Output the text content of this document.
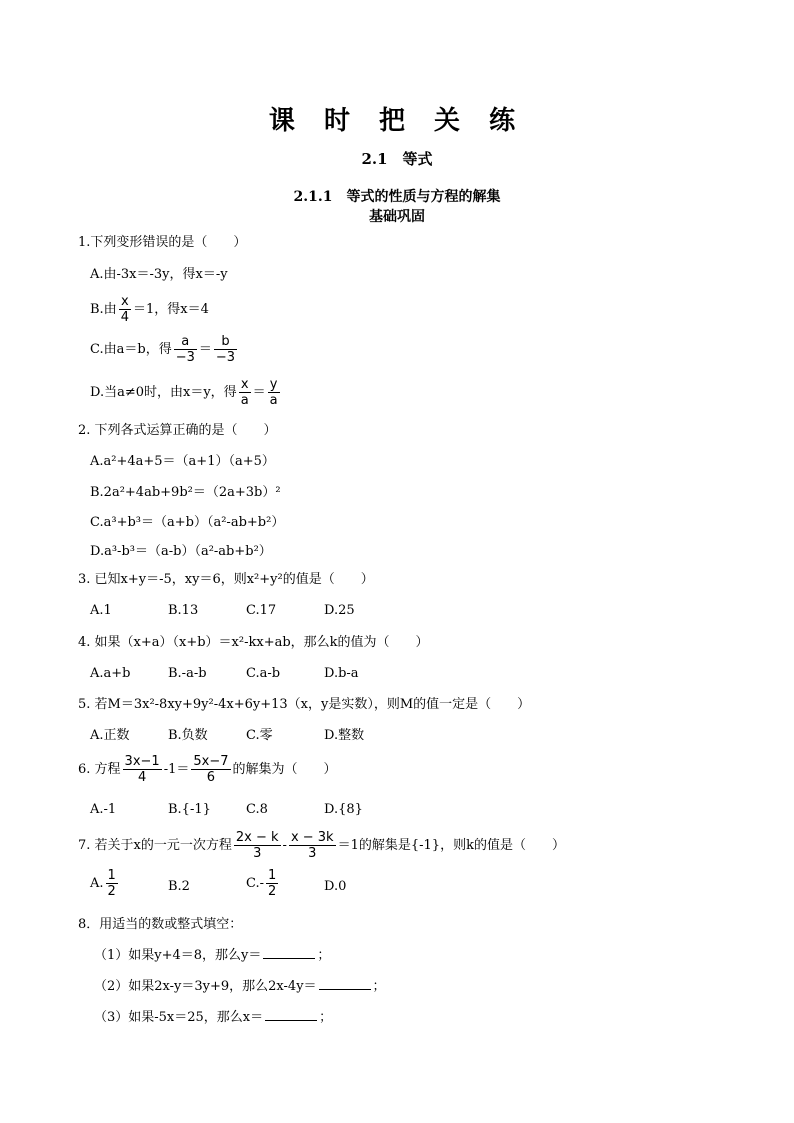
课 时 把 关 练
2.1　等式
2.1.1　等式的性质与方程的解集
基础巩固
1.下列变形错误的是（　　）
A.由-3x＝-3y，得x＝-y
B.由 $\frac{x}{4} =1$，得x＝4
C.由a＝b，得 $\frac{a}{-3} = \frac{b}{-3}$
D.当a≠0时，由x＝y，得 $\frac{x}{a} = \frac{y}{a}$
2. 下列各式运算正确的是（　　）
A.a²+4a+5＝（a+1）（a+5）
B.2a²+4ab+9b²＝（2a+3b）²
C.a³+b³＝（a+b）（a²-ab+b²）
D.a³-b³＝（a-b）（a²-ab+b²）
3. 已知x+y＝-5，xy＝6，则x²+y²的值是（　　）
A.1	B.13	C.17	D.25
4. 如果（x+a）（x+b）＝x²-kx+ab，那么k的值为（　　）
A.a+b	B.-a-b	C.a-b	D.b-a
5. 若M＝3x²-8xy+9y²-4x+6y+13（x，y是实数），则M的值一定是（　　）
A.正数	B.负数	C.零	D.整数
6. 方程 $\frac{3x-1}{4} -1= \frac{5x-7}{6}$ 的解集为（　　）
A.-1	B.{-1}	C.8	D.{8}
7. 若关于x的一元一次方程 $\frac{2x - k}{3} - \frac{x - 3k}{3} =1$的解集是{-1}，则k的值是（　　）
A. $\frac{1}{2}$	B.2	$C.- \frac{1}{2}$	D.0
8．用适当的数或整式填空：
（1）如果y+4＝8，那么y＝	；
（2）如果2x-y＝3y+9，那么2x-4y＝	；
（3）如果-5x＝25，那么x＝	；
